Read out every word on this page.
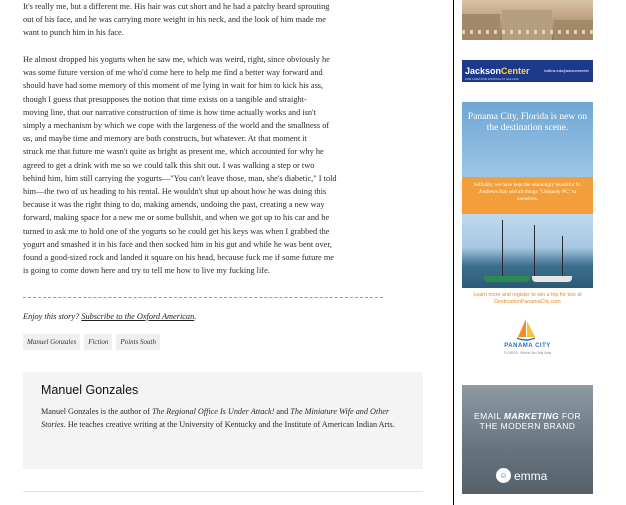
It's really me, but a different me. His hair was cut short and he had a patchy beard sprouting
out of his face, and he was carrying more weight in his neck, and the look of him made me
want to punch him in his face.
He almost dropped his yogurts when he saw me, which was weird, right, since obviously he
was some future version of me who'd come here to help me find a better way forward and
should have had some memory of this moment of me lying in wait for him to kick his ass,
though I guess that presupposes the notion that time exists on a tangible and straight-
moving line, that our narrative construction of time is how time actually works and isn't
simply a mechanism by which we cope with the largeness of the world and the smallness of
us, and maybe time and memory are both constructs, but whatever. At that moment it
struck me that future me wasn't quite as bright as present me, which accounted for why he
agreed to get a drink with me so we could talk this shit out. I was walking a step or two
behind him, him still carrying the yogurts—"You can't leave those, man, she's diabetic," I told
him—the two of us heading to his rental. He wouldn't shut up about how he was doing this
because it was the right thing to do, making amends, undoing the past, creating a new way
forward, making space for a new me or some bullshit, and when we got up to his car and he
turned to ask me to hold one of the yogurts so he could get his keys was when I grabbed the
yogurt and smashed it in his face and then socked him in his gut and while he was bent over,
found a good-sized rock and landed it square on his head, because fuck me if some future me
is going to come down here and try to tell me how to live my fucking life.
Enjoy this story? Subscribe to the Oxford American.
Manuel Gonzales	Fiction	Points South
Manuel Gonzales
Manuel Gonzales is the author of The Regional Office Is Under Attack! and The Miniature Wife and Other Stories. He teaches creative writing at the University of Kentucky and the Institute of American Indian Arts.
JacksonCenter
FOR CREATIVE WRITING AT HOLLINS
hollins.edu/jacksoncenter
Panama City, Florida is new on the destination scene.
Selfishly, we have kept the stunningly beautiful St. Andrews Bay and all things "Uniquely PC" to ourselves.
Learn more and register to win a trip for two at DestinationPanamaCity.com
PANAMA CITY
FLORIDA · Where Life Gets Salty
EMAIL MARKETING FOR
THE MODERN BRAND
☺ emma
